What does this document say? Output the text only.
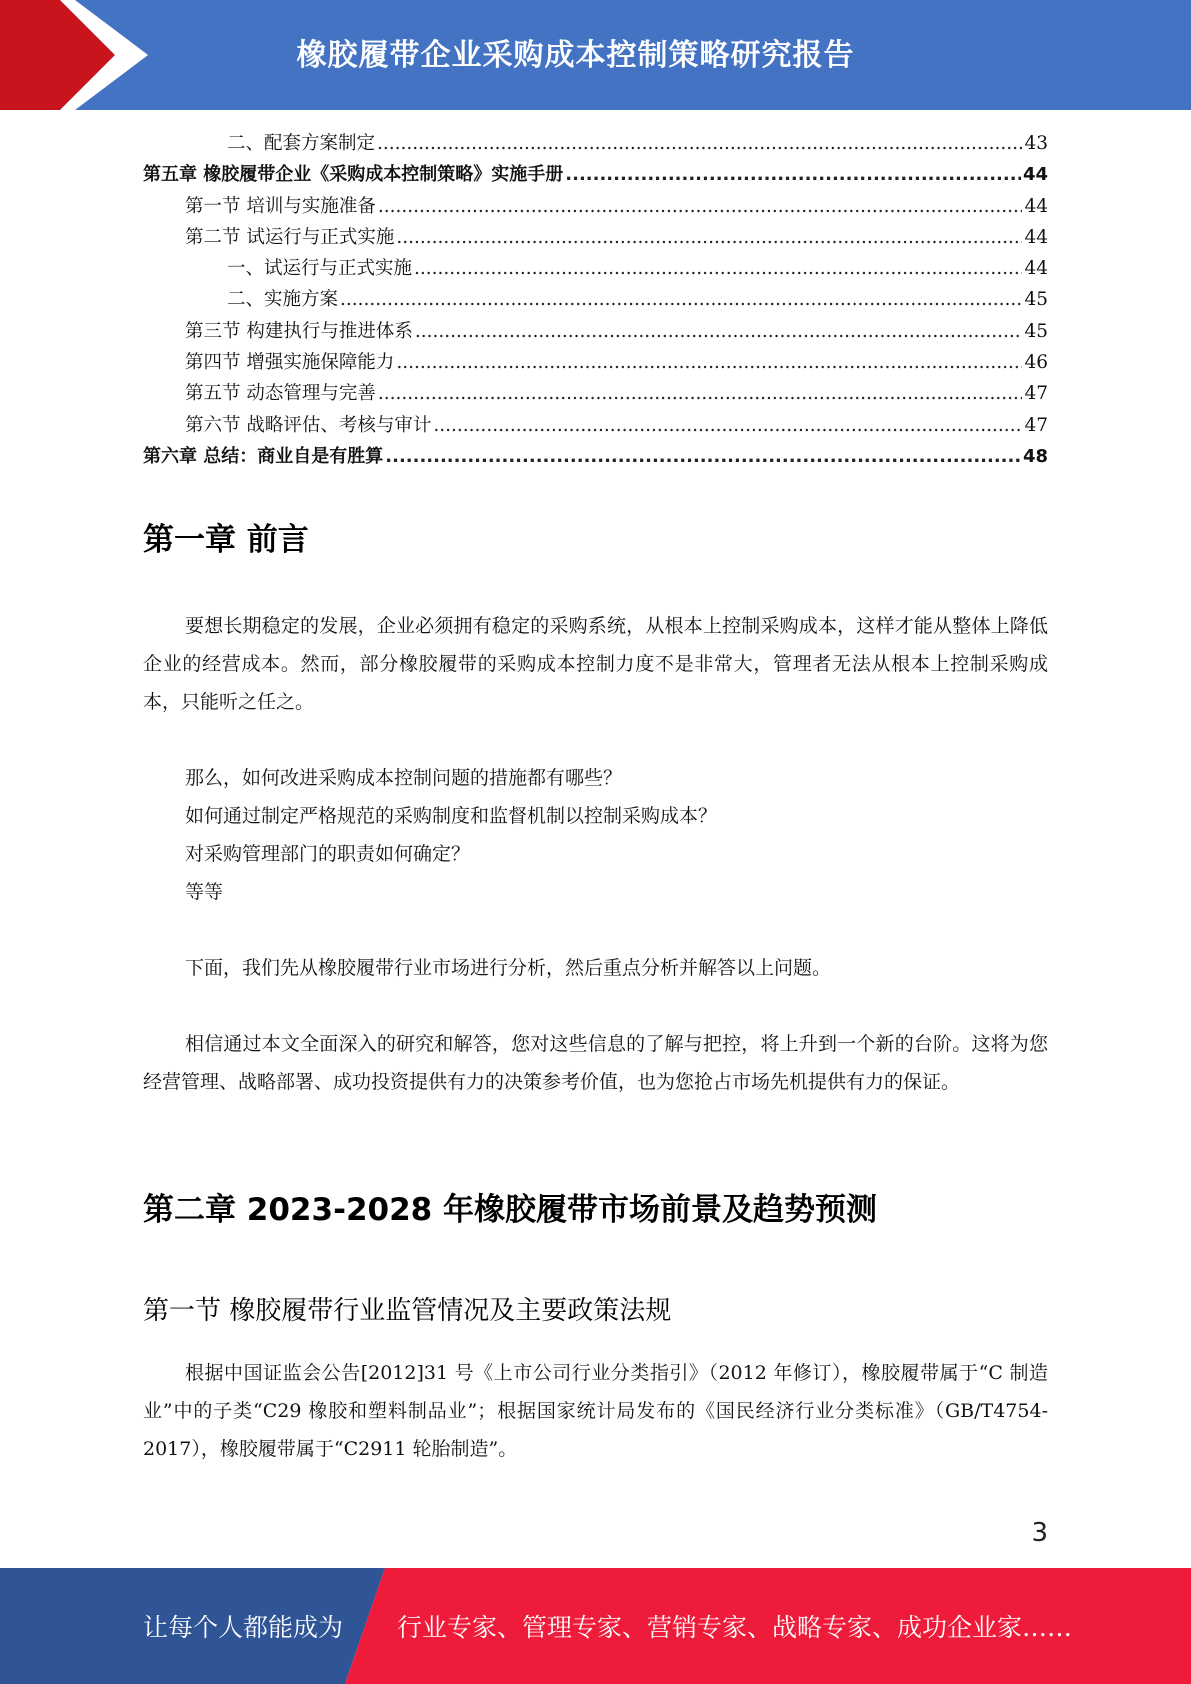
橡胶履带企业采购成本控制策略研究报告
二、配套方案制定 .....	43
第五章 橡胶履带企业《采购成本控制策略》实施手册 .....	44
第一节 培训与实施准备 .....	44
第二节 试运行与正式实施 .....	44
一、试运行与正式实施 .....	44
二、实施方案 .....	45
第三节 构建执行与推进体系 .....	45
第四节 增强实施保障能力 .....	46
第五节 动态管理与完善 .....	47
第六节 战略评估、考核与审计 .....	47
第六章 总结：商业自是有胜算 .....	48
第一章 前言

要想长期稳定的发展，企业必须拥有稳定的采购系统，从根本上控制采购成本，这样才能从整体上降低企业的经营成本。然而，部分橡胶履带的采购成本控制力度不是非常大，管理者无法从根本上控制采购成本，只能听之任之。

那么，如何改进采购成本控制问题的措施都有哪些？
如何通过制定严格规范的采购制度和监督机制以控制采购成本？
对采购管理部门的职责如何确定？
等等

下面，我们先从橡胶履带行业市场进行分析，然后重点分析并解答以上问题。

相信通过本文全面深入的研究和解答，您对这些信息的了解与把控，将上升到一个新的台阶。这将为您经营管理、战略部署、成功投资提供有力的决策参考价值，也为您抢占市场先机提供有力的保证。

第二章 2023-2028 年橡胶履带市场前景及趋势预测
第一节 橡胶履带行业监管情况及主要政策法规

根据中国证监会公告[2012]31 号《上市公司行业分类指引》（2012 年修订），橡胶履带属于“C 制造业”中的子类“C29 橡胶和塑料制品业”；根据国家统计局发布的《国民经济行业分类标准》（GB/T4754-2017），橡胶履带属于“C2911 轮胎制造”。

3
让每个人都能成为 行业专家、管理专家、营销专家、战略专家、成功企业家……
